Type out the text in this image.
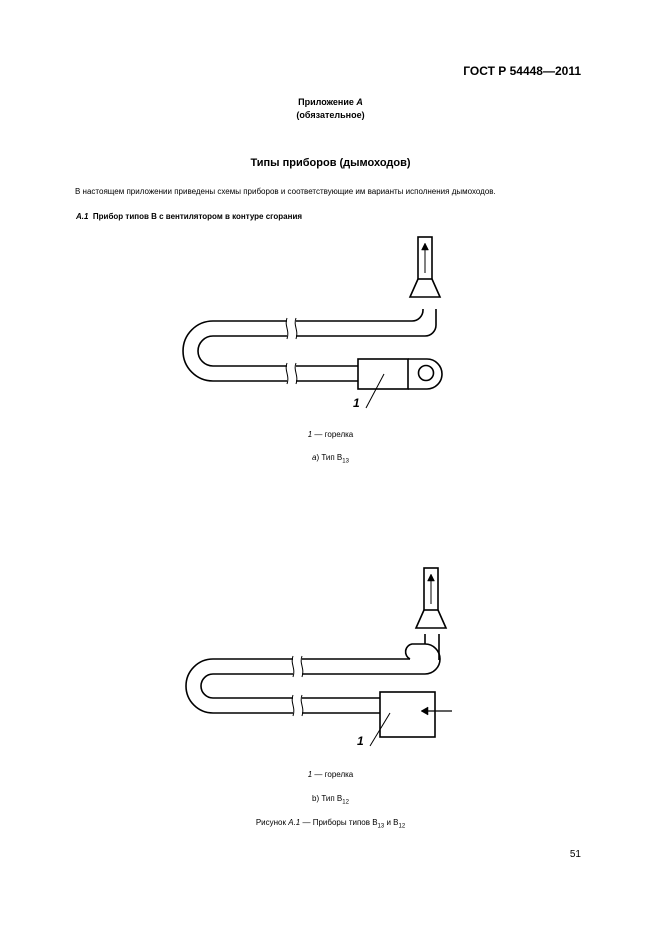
ГОСТ Р 54448—2011
Приложение А
(обязательное)
Типы приборов (дымоходов)
В настоящем приложении приведены схемы приборов и соответствующие им варианты исполнения дымоходов.
А.1 Прибор типов В с вентилятором в контуре сгорания
1
1
1 — горелка
а) Тип $В_{13}$
1 — горелка
b) Тип $В_{12}$
Рисунок А.1 — Приборы типов $В_{13}$ и $В_{12}$
51
